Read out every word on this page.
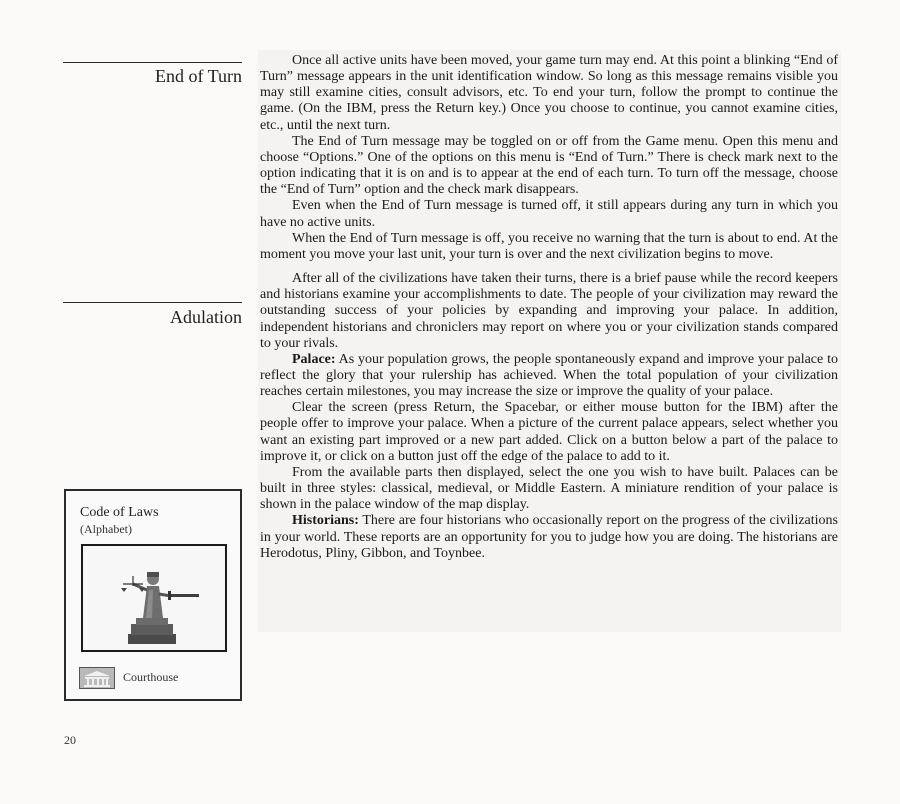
End of Turn
Adulation

Once all active units have been moved, your game turn may end. At this point a blinking “End of Turn” message appears in the unit identification window. So long as this message remains visible you may still examine cities, consult advisors, etc. To end your turn, follow the prompt to continue the game. (On the IBM, press the Return key.) Once you choose to continue, you cannot examine cities, etc., until the next turn.

The End of Turn message may be toggled on or off from the Game menu. Open this menu and choose “Options.” One of the options on this menu is “End of Turn.” There is check mark next to the option indicating that it is on and is to appear at the end of each turn. To turn off the message, choose the “End of Turn” option and the check mark disappears.

Even when the End of Turn message is turned off, it still appears during any turn in which you have no active units.

When the End of Turn message is off, you receive no warning that the turn is about to end. At the moment you move your last unit, your turn is over and the next civilization begins to move.

After all of the civilizations have taken their turns, there is a brief pause while the record keepers and historians examine your accomplishments to date. The people of your civilization may reward the outstanding success of your policies by expanding and improving your palace. In addition, independent historians and chroniclers may report on where you or your civilization stands compared to your rivals.

Palace: As your population grows, the people spontaneously expand and improve your palace to reflect the glory that your rulership has achieved. When the total population of your civilization reaches certain milestones, you may increase the size or improve the quality of your palace.

Clear the screen (press Return, the Spacebar, or either mouse button for the IBM) after the people offer to improve your palace. When a picture of the current palace appears, select whether you want an existing part improved or a new part added. Click on a button below a part of the palace to improve it, or click on a button just off the edge of the palace to add to it.

From the available parts then displayed, select the one you wish to have built. Palaces can be built in three styles: classical, medieval, or Middle Eastern. A miniature rendition of your palace is shown in the palace window of the map display.

Historians: There are four historians who occasionally report on the progress of the civilizations in your world. These reports are an opportunity for you to judge how you are doing. The historians are Herodotus, Pliny, Gibbon, and Toynbee.

Code of Laws
(Alphabet)
Courthouse
20
